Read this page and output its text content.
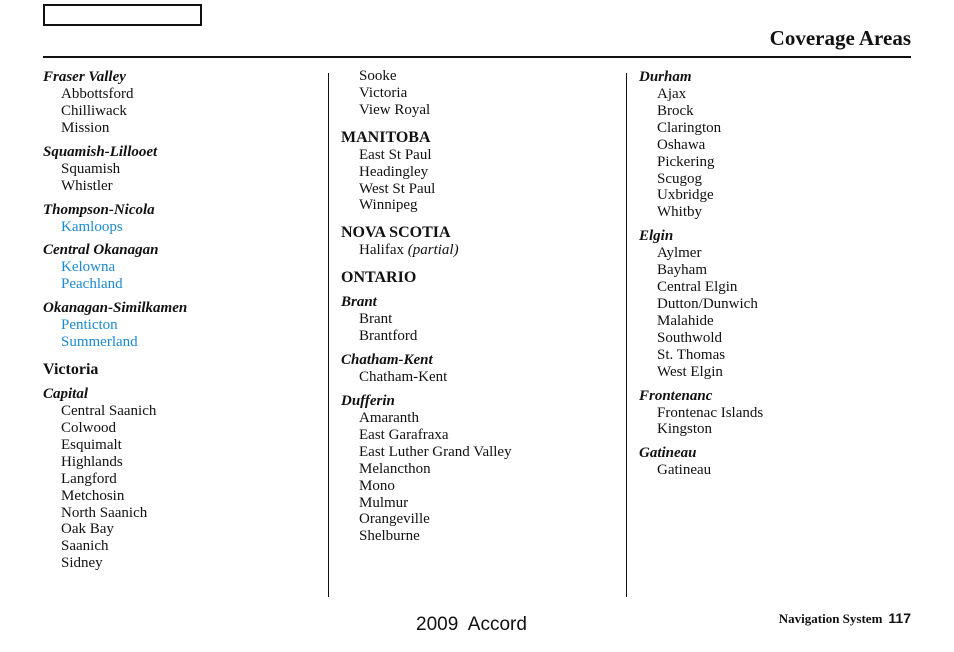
Coverage Areas
Fraser Valley
Abbottsford
Chilliwack
Mission
Squamish-Lillooet
Squamish
Whistler
Thompson-Nicola
Kamloops
Central Okanagan
Kelowna
Peachland
Okanagan-Similkamen
Penticton
Summerland
Victoria
Capital
Central Saanich
Colwood
Esquimalt
Highlands
Langford
Metchosin
North Saanich
Oak Bay
Saanich
Sidney
Sooke
Victoria
View Royal
MANITOBA
East St Paul
Headingley
West St Paul
Winnipeg
NOVA SCOTIA
Halifax (partial)
ONTARIO
Brant
Brant
Brantford
Chatham-Kent
Chatham-Kent
Dufferin
Amaranth
East Garafraxa
East Luther Grand Valley
Melancthon
Mono
Mulmur
Orangeville
Shelburne
Durham
Ajax
Brock
Clarington
Oshawa
Pickering
Scugog
Uxbridge
Whitby
Elgin
Aylmer
Bayham
Central Elgin
Dutton/Dunwich
Malahide
Southwold
St. Thomas
West Elgin
Frontenanc
Frontenac Islands
Kingston
Gatineau
Gatineau
Navigation System 117
2009  Accord
